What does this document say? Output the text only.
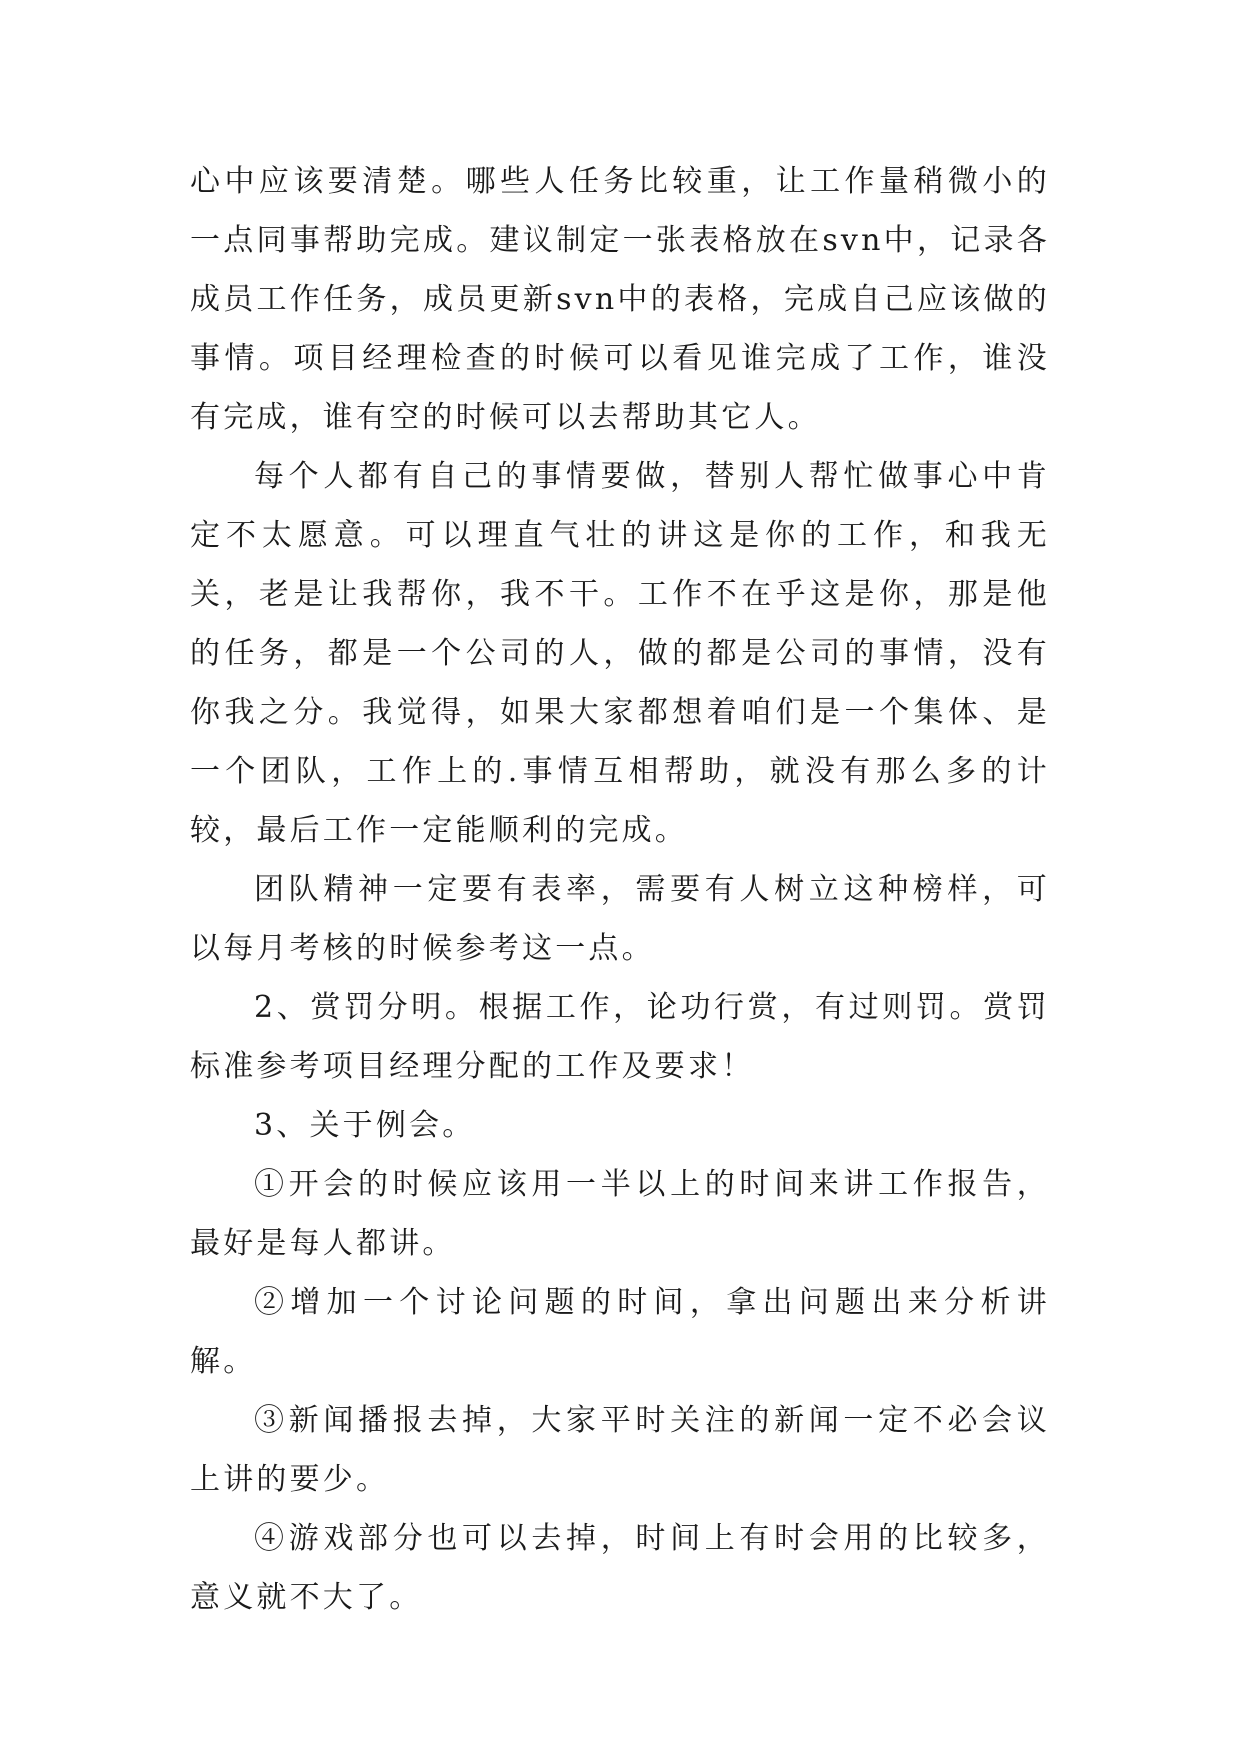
心中应该要清楚。哪些人任务比较重，让工作量稍微小的一点同事帮助完成。建议制定一张表格放在svn中，记录各成员工作任务，成员更新svn中的表格，完成自己应该做的事情。项目经理检查的时候可以看见谁完成了工作，谁没有完成，谁有空的时候可以去帮助其它人。

每个人都有自己的事情要做，替别人帮忙做事心中肯定不太愿意。可以理直气壮的讲这是你的工作，和我无关，老是让我帮你，我不干。工作不在乎这是你，那是他的任务，都是一个公司的人，做的都是公司的事情，没有你我之分。我觉得，如果大家都想着咱们是一个集体、是一个团队，工作上的.事情互相帮助，就没有那么多的计较，最后工作一定能顺利的完成。

团队精神一定要有表率，需要有人树立这种榜样，可以每月考核的时候参考这一点。

2、赏罚分明。根据工作，论功行赏，有过则罚。赏罚标准参考项目经理分配的工作及要求！

3、关于例会。

①开会的时候应该用一半以上的时间来讲工作报告，最好是每人都讲。

②增加一个讨论问题的时间，拿出问题出来分析讲解。

③新闻播报去掉，大家平时关注的新闻一定不必会议上讲的要少。

④游戏部分也可以去掉，时间上有时会用的比较多，意义就不大了。
